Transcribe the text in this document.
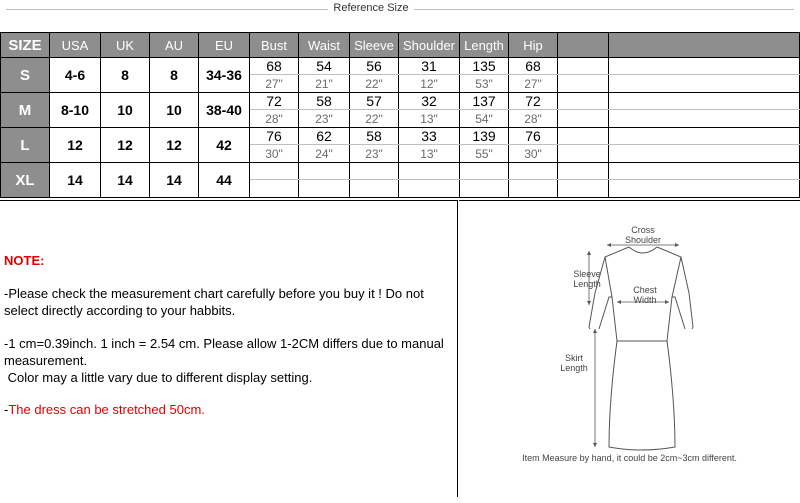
Reference Size
SIZE	USA	UK	AU	EU	Bust	Waist	Sleeve	Shoulder	Length	Hip		
S	4-6	8	8	34-36	68	54	56	31	135	68		
					27"	21"	22"	12"	53"	27"		
M	8-10	10	10	38-40	72	58	57	32	137	72		
					28"	23"	22"	13"	54"	28"		
L	12	12	12	42	76	62	58	33	139	76		
					30"	24"	23"	13"	55"	30"		
XL	14	14	14	44								

NOTE:
-Please check the measurement chart carefully before you buy it ! Do not select directly according to your habbits.
-1 cm=0.39inch. 1 inch = 2.54 cm. Please allow 1-2CM differs due to manual measurement.
Color may a little vary due to different display setting.
-The dress can be stretched 50cm.
Cross Shoulder
Sleeve Length
Chest Width
Skirt Length
Item Measure by hand, it could be 2cm~3cm different.
